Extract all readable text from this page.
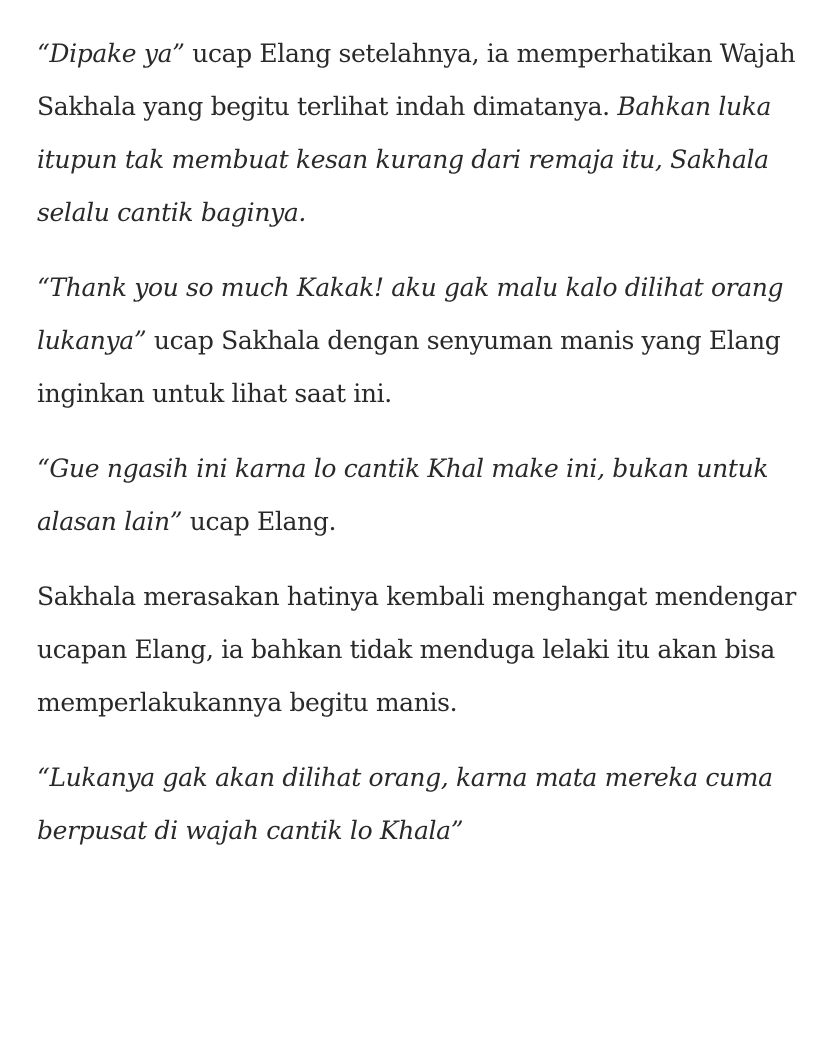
“Dipake ya” ucap Elang setelahnya, ia memperhatikan Wajah Sakhala yang begitu terlihat indah dimatanya. Bahkan luka itupun tak membuat kesan kurang dari remaja itu, Sakhala selalu cantik baginya.

“Thank you so much Kakak! aku gak malu kalo dilihat orang lukanya” ucap Sakhala dengan senyuman manis yang Elang inginkan untuk lihat saat ini.

“Gue ngasih ini karna lo cantik Khal make ini, bukan untuk alasan lain” ucap Elang.

Sakhala merasakan hatinya kembali menghangat mendengar ucapan Elang, ia bahkan tidak menduga lelaki itu akan bisa memperlakukannya begitu manis.

“Lukanya gak akan dilihat orang, karna mata mereka cuma berpusat di wajah cantik lo Khala”
